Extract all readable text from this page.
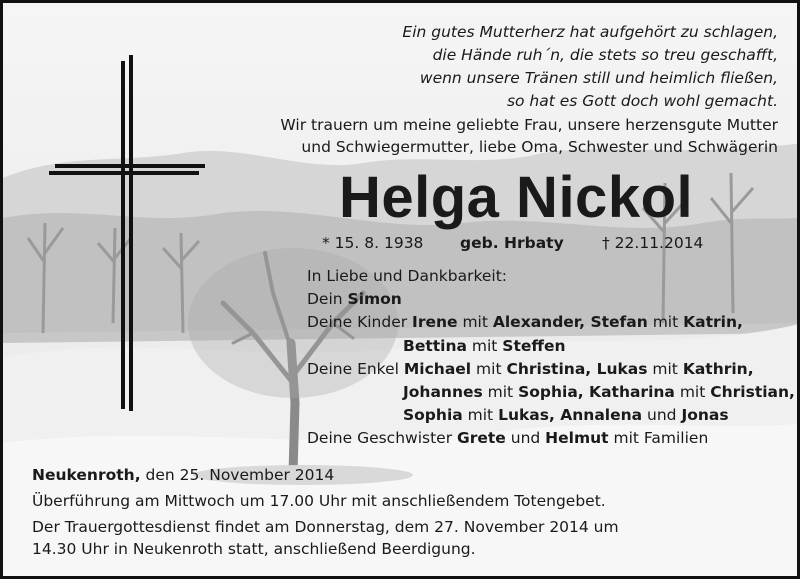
Ein gutes Mutterherz hat aufgehört zu schlagen,
die Hände ruh´n, die stets so treu geschafft,
wenn unsere Tränen still und heimlich fließen,
so hat es Gott doch wohl gemacht.
Wir trauern um meine geliebte Frau, unsere herzensgute Mutter
und Schwiegermutter, liebe Oma, Schwester und Schwägerin
Helga Nickol
* 15. 8. 1938 geb. Hrbaty † 22.11.2014
In Liebe und Dankbarkeit:
Dein Simon
Deine Kinder Irene mit Alexander, Stefan mit Katrin,
Bettina mit Steffen
Deine Enkel Michael mit Christina, Lukas mit Kathrin,
Johannes mit Sophia, Katharina mit Christian,
Sophia mit Lukas, Annalena und Jonas
Deine Geschwister Grete und Helmut mit Familien
Neukenroth, den 25. November 2014
Überführung am Mittwoch um 17.00 Uhr mit anschließendem Totengebet.
Der Trauergottesdienst findet am Donnerstag, dem 27. November 2014 um
14.30 Uhr in Neukenroth statt, anschließend Beerdigung.
